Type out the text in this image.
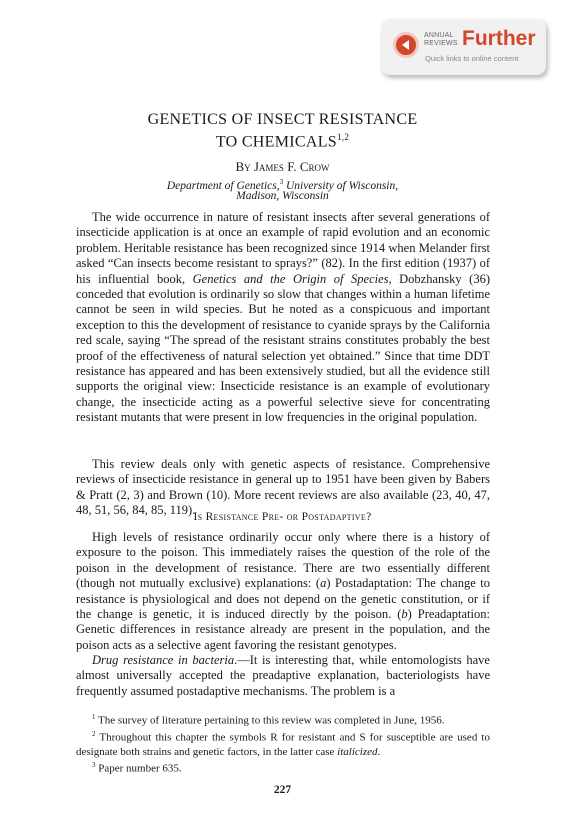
ANNUAL
REVIEWS Further
Quick links to online content
GENETICS OF INSECT RESISTANCE
TO CHEMICALS$^{1,2}$
By James F. Crow
Department of Genetics,$^3$ University of Wisconsin,
Madison, Wisconsin

The wide occurrence in nature of resistant insects after several generations of insecticide application is at once an example of rapid evolution and an economic problem. Heritable resistance has been recognized since 1914 when Melander first asked “Can insects become resistant to sprays?” (82). In the first edition (1937) of his influential book, Genetics and the Origin of Species, Dobzhansky (36) conceded that evolution is ordinarily so slow that changes within a human lifetime cannot be seen in wild species. But he noted as a conspicuous and important exception to this the development of resistance to cyanide sprays by the California red scale, saying “The spread of the resistant strains constitutes probably the best proof of the effectiveness of natural selection yet obtained.” Since that time DDT resistance has appeared and has been extensively studied, but all the evidence still supports the original view: Insecticide resistance is an example of evolutionary change, the insecticide acting as a powerful selective sieve for concentrating resistant mutants that were present in low frequencies in the original population.

This review deals only with genetic aspects of resistance. Comprehensive reviews of insecticide resistance in general up to 1951 have been given by Babers & Pratt (2, 3) and Brown (10). More recent reviews are also available (23, 40, 47, 48, 51, 56, 84, 85, 119).

Is Resistance Pre- or Postadaptive?

High levels of resistance ordinarily occur only where there is a history of exposure to the poison. This immediately raises the question of the role of the poison in the development of resistance. There are two essentially different (though not mutually exclusive) explanations: (a) Postadaptation: The change to resistance is physiological and does not depend on the genetic constitution, or if the change is genetic, it is induced directly by the poison. (b) Preadaptation: Genetic differences in resistance already are present in the population, and the poison acts as a selective agent favoring the resistant genotypes.

Drug resistance in bacteria.—It is interesting that, while entomologists have almost universally accepted the preadaptive explanation, bacteriologists have frequently assumed postadaptive mechanisms. The problem is a

$^1$ The survey of literature pertaining to this review was completed in June, 1956.

$^2$ Throughout this chapter the symbols R for resistant and S for susceptible are used to designate both strains and genetic factors, in the latter case italicized.

$^3$ Paper number 635.

227
